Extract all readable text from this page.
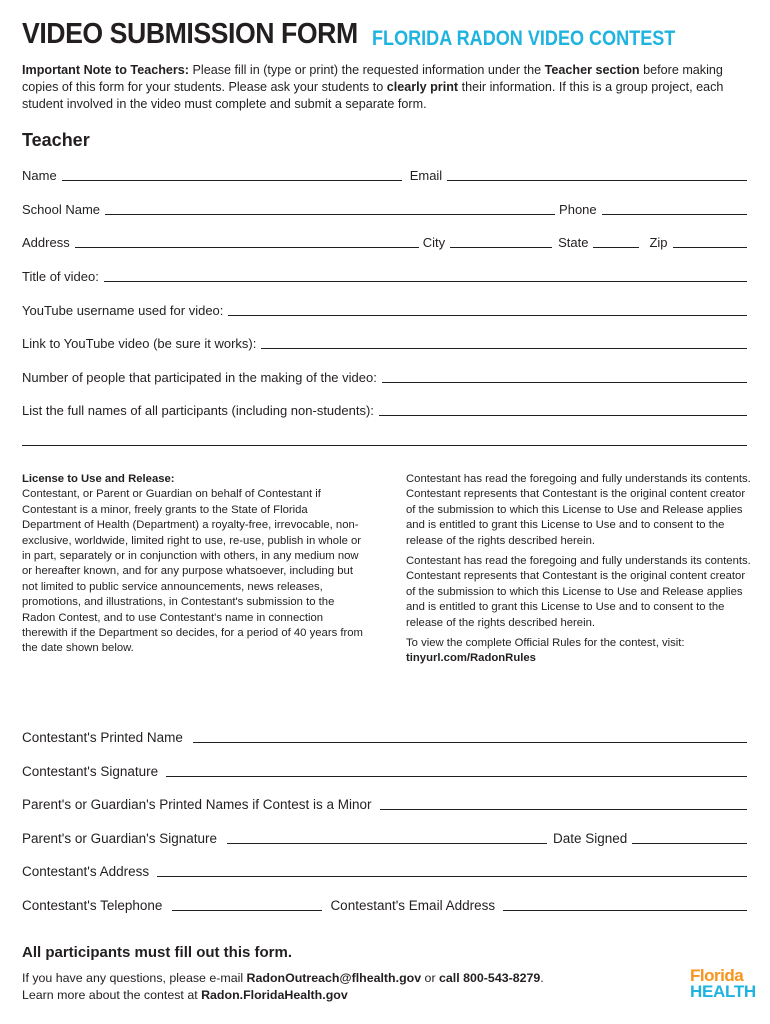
VIDEO SUBMISSION FORM FLORIDA RADON VIDEO CONTEST
Important Note to Teachers: Please fill in (type or print) the requested information under the Teacher section before making copies of this form for your students. Please ask your students to clearly print their information. If this is a group project, each student involved in the video must complete and submit a separate form.
Teacher
Name	Email
School Name	Phone
Address	City	State	Zip
Title of video:
YouTube username used for video:
Link to YouTube video (be sure it works):
Number of people that participated in the making of the video:
List the full names of all participants (including non-students):
License to Use and Release:
Contestant, or Parent or Guardian on behalf of Contestant if Contestant is a minor, freely grants to the State of Florida Department of Health (Department) a royalty-free, irrevocable, non-exclusive, worldwide, limited right to use, re-use, publish in whole or in part, separately or in conjunction with others, in any medium now or hereafter known, and for any purpose whatsoever, including but not limited to public service announcements, news releases, promotions, and illustrations, in Contestant's submission to the Radon Contest, and to use Contestant's name in connection therewith if the Department so decides, for a period of 40 years from the date shown below.

Contestant has read the foregoing and fully understands its contents. Contestant represents that Contestant is the original content creator of the submission to which this License to Use and Release applies and is entitled to grant this License to Use and to consent to the release of the rights described herein.

Contestant has read the foregoing and fully understands its contents. Contestant represents that Contestant is the original content creator of the submission to which this License to Use and Release applies and is entitled to grant this License to Use and to consent to the release of the rights described herein.

To view the complete Official Rules for the contest, visit:
tinyurl.com/RadonRules
Contestant's Printed Name
Contestant's Signature
Parent's or Guardian's Printed Names if Contest is a Minor
Parent's or Guardian's Signature	Date Signed
Contestant's Address
Contestant's Telephone	Contestant's Email Address
All participants must fill out this form.
If you have any questions, please e-mail RadonOutreach@flhealth.gov or call 800-543-8279.
Learn more about the contest at Radon.FloridaHealth.gov
Florida
HEALTH
